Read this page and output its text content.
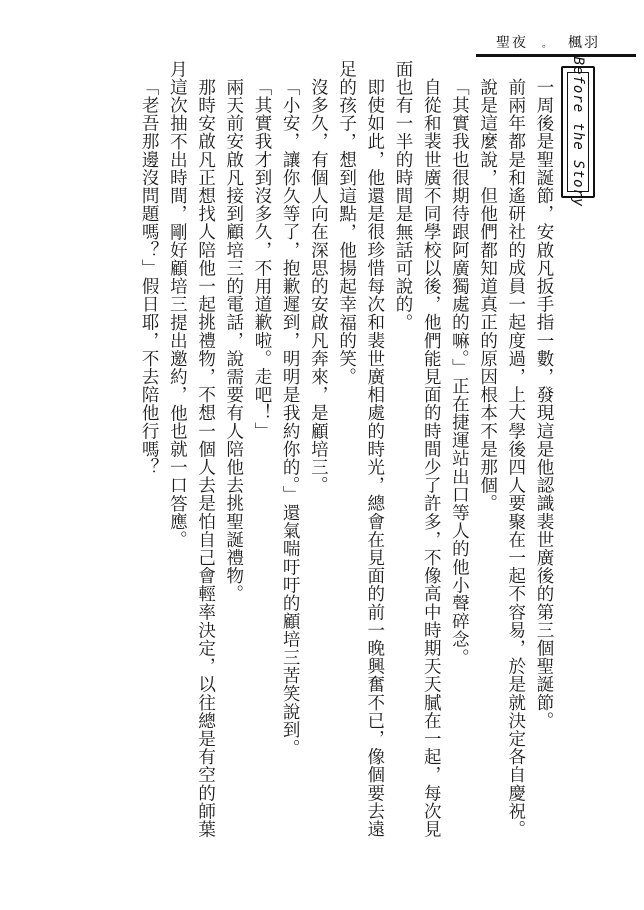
聖夜 。 楓羽
Before the Story

一周後是聖誕節，安啟凡扳手指一數，發現這是他認識裴世廣後的第三個聖誕節。

前兩年都是和遙研社的成員一起度過，上大學後四人要聚在一起不容易，於是就決定各自慶祝。

說是這麼說，但他們都知道真正的原因根本不是那個。

「其實我也很期待跟阿廣獨處的嘛。」正在捷運站出口等人的他小聲碎念。

自從和裴世廣不同學校以後，他們能見面的時間少了許多，不像高中時期天天膩在一起，每次見面也有一半的時間是無話可說的。

即使如此，他還是很珍惜每次和裴世廣相處的時光，總會在見面的前一晚興奮不已，像個要去遠足的孩子，想到這點，他揚起幸福的笑。

沒多久，有個人向在深思的安啟凡奔來，是顧培三。

「小安，讓你久等了，抱歉遲到，明明是我約你的。」還氣喘吁吁的顧培三苦笑說到。

「其實我才到沒多久，不用道歉啦。走吧！」

兩天前安啟凡接到顧培三的電話，說需要有人陪他去挑聖誕禮物。

那時安啟凡正想找人陪他一起挑禮物，不想一個人去是怕自己會輕率決定，以往總是有空的師葉月這次抽不出時間，剛好顧培三提出邀約，他也就一口答應。

「老吾那邊沒問題嗎？」假日耶，不去陪他行嗎？
